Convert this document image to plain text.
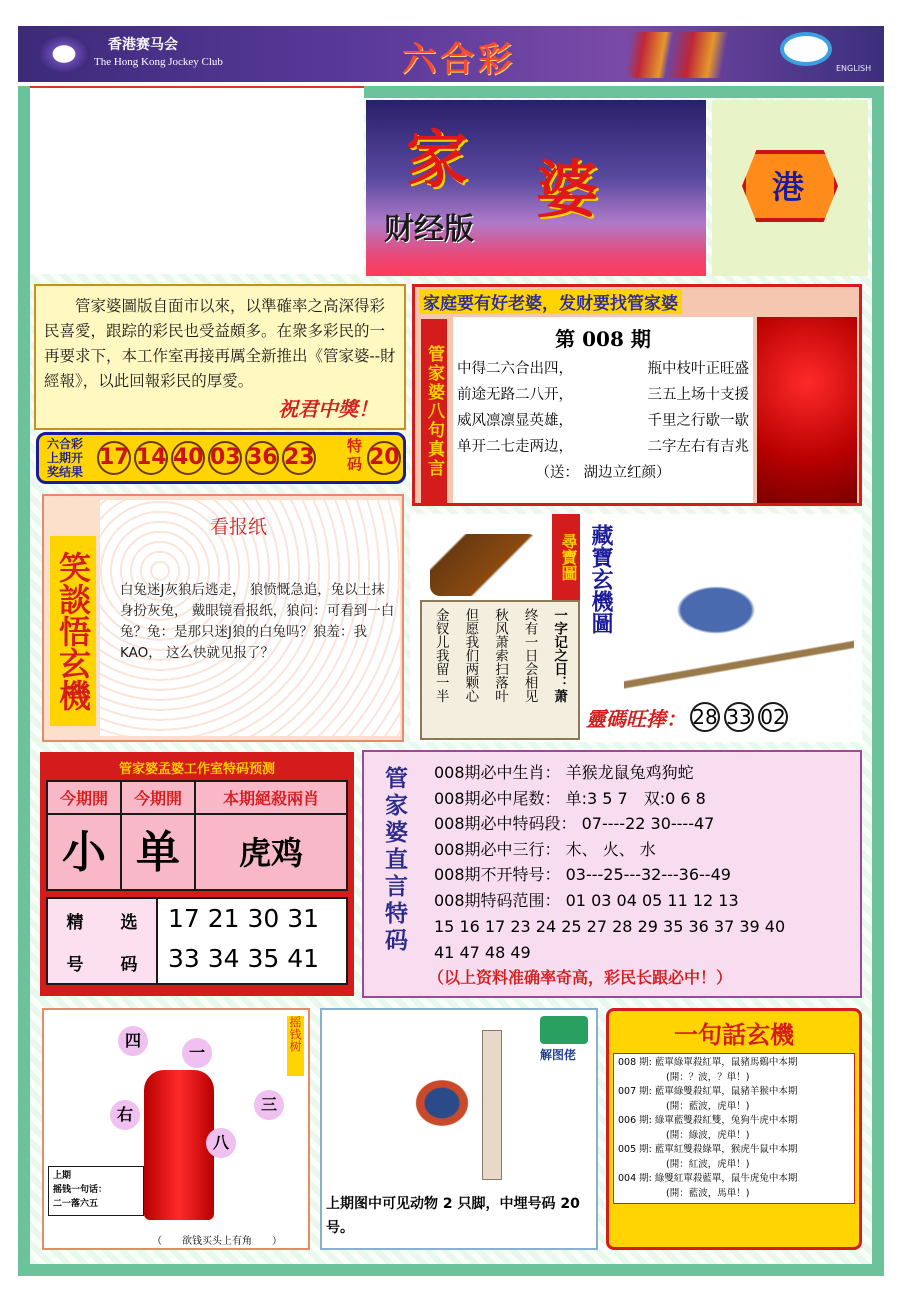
香港赛马会
The Hong Kong Jockey Club	六合彩	ENGLISH
家 婆
财经版
港
管家婆圖版自面市以來，以準確率之高深得彩民喜愛，跟踪的彩民也受益頗多。在衆多彩民的一再要求下，本工作室再接再厲全新推出《管家婆--財經報》，以此回報彩民的厚愛。
祝君中獎！
六合彩
上期开
奖结果
17 14 40 03 36 23 特
码 20
家庭要有好老婆，发财要找管家婆
管家婆八句真言
第 008 期
中得二六合出四，	瓶中枝叶正旺盛
前途无路二八开，	三五上场十支援
威风凛凛显英雄，	千里之行歇一歇
单开二七走两边，	二字左右有吉兆
（送： 湖边立红颜）
笑談悟玄機
看报纸
白兔迷J灰狼后逃走， 狼愤慨急追，兔以土抹身扮灰兔， 戴眼镜看报纸，狼问：可看到一白兔？兔：是那只迷J狼的白兔吗？狼羞：我KAO， 这么快就见报了？
尋寶圖
一字记之日：萧
终有一日会相见
秋风萧索扫落叶
但愿我们两颗心
金钗儿我留一半
藏寶玄機圖
靈碼旺捧： 28 33 02
管家婆孟婆工作室特码预测
今期開	今期開	本期絕殺兩肖
小 单	虎鸡
精	选
号	码
17 21 30 31
33 34 35 41
管家婆直言特码 008期必中生肖： 羊猴龙鼠兔鸡狗蛇
008期必中尾数： 单:3 5 7　双:0 6 8
008期必中特码段： 07----22 30----47
008期必中三行： 木、 火、 水
008期不开特号： 03---25---32---36--49
008期特码范围： 01 03 04 05 11 12 13
15 16 17 23 24 25 27 28 29 35 36 37 39 40
41 47 48 49
（以上资料准确率奇高，彩民长跟必中！）
摇钱树
四
一
三
右
八
上期
摇钱一句话：
二一落六五
（　　欲钱买头上有角　　）
解图佬
上期图中可见动物 2 只脚，中埋号码 20 号。
一句話玄機
008 期: 藍單綠單殺紅單，鼠豬馬鷄中本期
(開：？波，？単！)
007 期: 藍單綠雙殺紅單，鼠豬羊猴中本期
(開：藍波，虎単！)
006 期: 綠單藍雙殺紅雙，兔狗牛虎中本期
(開：綠波，虎単！)
005 期: 藍單紅雙殺綠單，猴虎牛鼠中本期
(開：紅波，虎単！)
004 期: 綠雙紅單殺藍單，鼠牛虎兔中本期
(開：藍波，馬単！)
